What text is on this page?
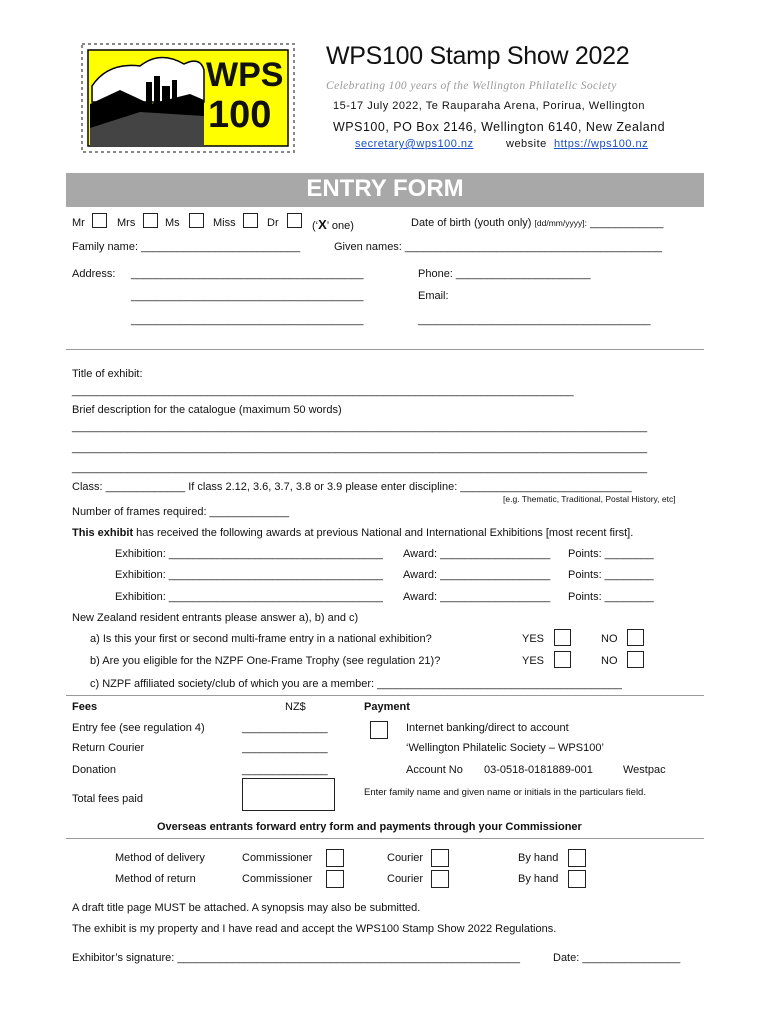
WPS
100
WPS100 Stamp Show 2022
Celebrating 100 years of the Wellington Philatelic Society
15-17 July 2022, Te Rauparaha Arena, Porirua, Wellington
WPS100, PO Box 2146, Wellington 6140, New Zealand
secretary@wps100.nz	website https://wps100.nz
ENTRY FORM
Mr	Mrs	Ms	Miss	Dr	(‘X’ one)	Date of birth (youth only) [dd/mm/yyyy]: ____________
Family name: __________________________	Given names: __________________________________________
Address: ______________________________________
______________________________________
______________________________________
Phone: ______________________
Email:
______________________________________
Title of exhibit:
__________________________________________________________________________________
Brief description for the catalogue (maximum 50 words)
______________________________________________________________________________________________
______________________________________________________________________________________________
______________________________________________________________________________________________
Class: _____________ If class 2.12, 3.6, 3.7, 3.8 or 3.9 please enter discipline: ____________________________
[e.g. Thematic, Traditional, Postal History, etc]
Number of frames required: _____________
This exhibit has received the following awards at previous National and International Exhibitions [most recent first].
Exhibition: ___________________________________ Award: __________________ Points: ________
Exhibition: ___________________________________ Award: __________________ Points: ________
Exhibition: ___________________________________ Award: __________________ Points: ________
New Zealand resident entrants please answer a), b) and c)
a) Is this your first or second multi-frame entry in a national exhibition?	YES	NO
b) Are you eligible for the NZPF One-Frame Trophy (see regulation 21)?	YES	NO
c) NZPF affiliated society/club of which you are a member: ________________________________________
Fees	NZ$	Payment
Entry fee (see regulation 4)	______________
Return Courier	______________
Donation	______________
Total fees paid
Internet banking/direct to account
‘Wellington Philatelic Society – WPS100’
Account No 03-0518-0181889-001	Westpac
Enter family name and given name or initials in the particulars field.
Overseas entrants forward entry form and payments through your Commissioner
Method of delivery	Commissioner	Courier	By hand
Method of return	Commissioner	Courier	By hand
A draft title page MUST be attached. A synopsis may also be submitted.
The exhibit is my property and I have read and accept the WPS100 Stamp Show 2022 Regulations.
Exhibitor’s signature: ________________________________________________________	Date: ________________
